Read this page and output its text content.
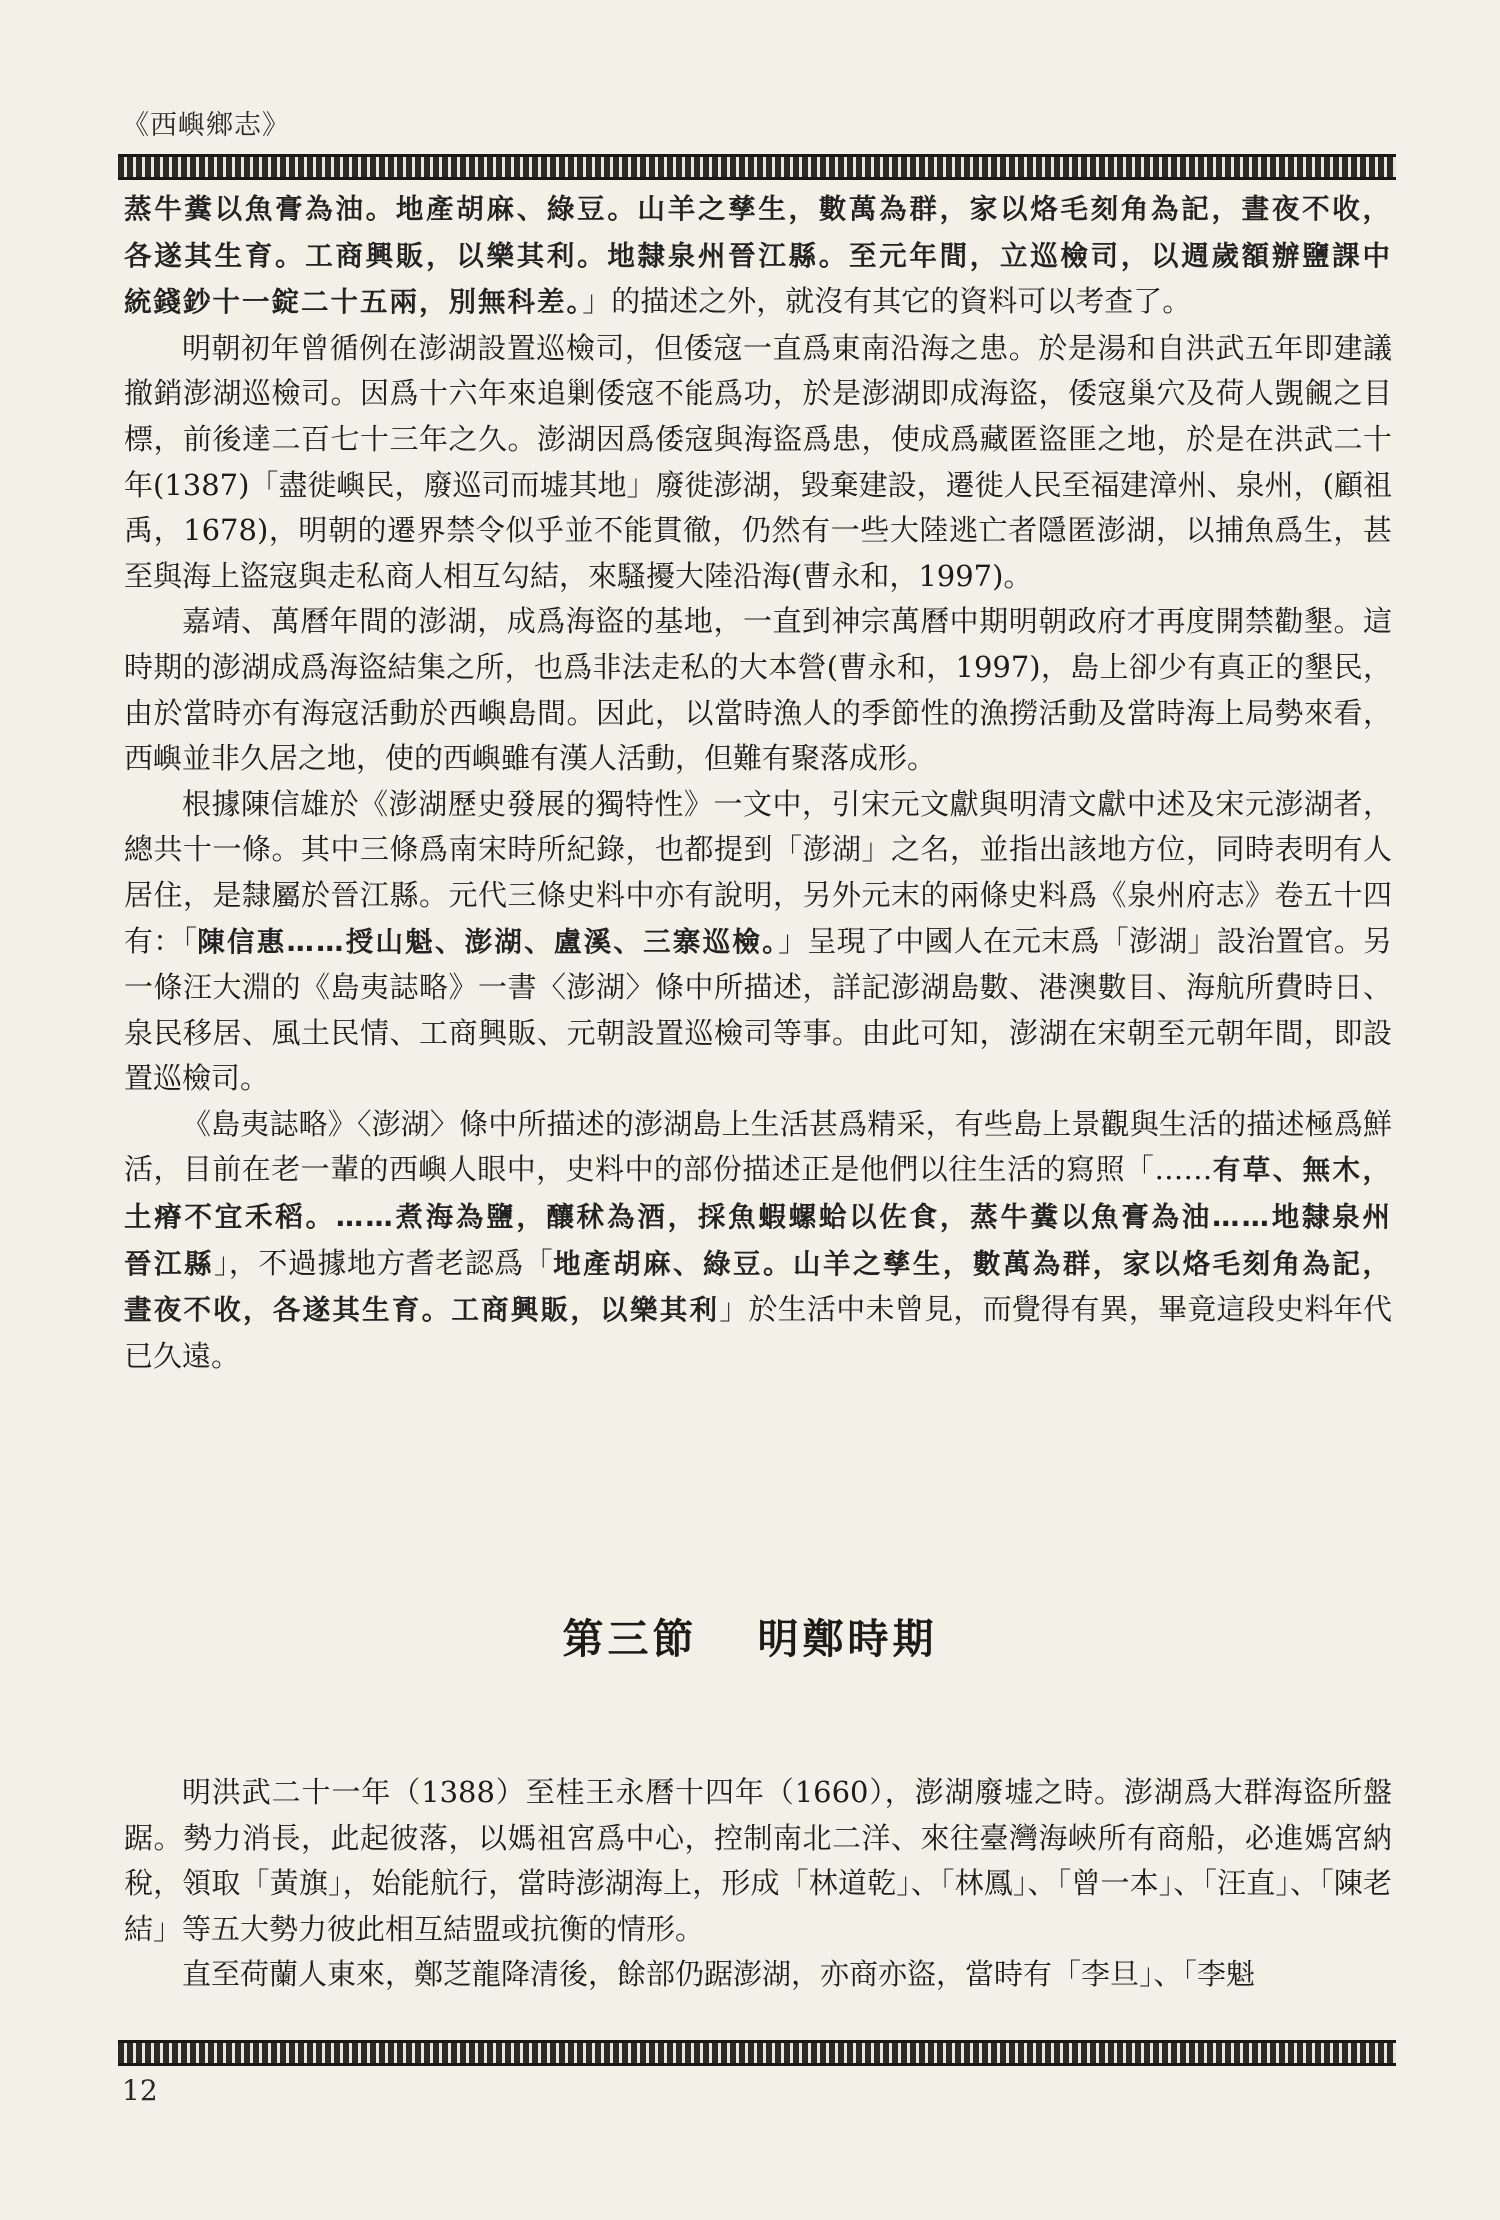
《西嶼鄉志》

蒸牛糞以魚膏為油。地產胡麻、綠豆。山羊之孳生，數萬為群，家以烙毛刻角為記，晝夜不收，各遂其生育。工商興販，以樂其利。地隸泉州晉江縣。至元年間，立巡檢司，以週歲額辦鹽課中統錢鈔十一錠二十五兩，別無科差。」的描述之外，就沒有其它的資料可以考查了。

明朝初年曾循例在澎湖設置巡檢司，但倭寇一直爲東南沿海之患。於是湯和自洪武五年即建議撤銷澎湖巡檢司。因爲十六年來追剿倭寇不能爲功，於是澎湖即成海盜，倭寇巢穴及荷人覬覦之目標，前後達二百七十三年之久。澎湖因爲倭寇與海盜爲患，使成爲藏匿盜匪之地，於是在洪武二十年(1387)「盡徙嶼民，廢巡司而墟其地」廢徙澎湖，毀棄建設，遷徙人民至福建漳州、泉州，(顧祖禹，1678)，明朝的遷界禁令似乎並不能貫徹，仍然有一些大陸逃亡者隱匿澎湖，以捕魚爲生，甚至與海上盜寇與走私商人相互勾結，來騷擾大陸沿海(曹永和，1997)。

嘉靖、萬曆年間的澎湖，成爲海盜的基地，一直到神宗萬曆中期明朝政府才再度開禁勸墾。這時期的澎湖成爲海盜結集之所，也爲非法走私的大本營(曹永和，1997)，島上卻少有真正的墾民，由於當時亦有海寇活動於西嶼島間。因此，以當時漁人的季節性的漁撈活動及當時海上局勢來看，西嶼並非久居之地，使的西嶼雖有漢人活動，但難有聚落成形。

根據陳信雄於《澎湖歷史發展的獨特性》一文中，引宋元文獻與明清文獻中述及宋元澎湖者，總共十一條。其中三條爲南宋時所紀錄，也都提到「澎湖」之名，並指出該地方位，同時表明有人居住，是隸屬於晉江縣。元代三條史料中亦有說明，另外元末的兩條史料爲《泉州府志》卷五十四有：「陳信惠……授山魁、澎湖、盧溪、三寨巡檢。」呈現了中國人在元末爲「澎湖」設治置官。另一條汪大淵的《島夷誌略》一書〈澎湖〉條中所描述，詳記澎湖島數、港澳數目、海航所費時日、泉民移居、風土民情、工商興販、元朝設置巡檢司等事。由此可知，澎湖在宋朝至元朝年間，即設置巡檢司。

《島夷誌略》〈澎湖〉條中所描述的澎湖島上生活甚爲精采，有些島上景觀與生活的描述極爲鮮活，目前在老一輩的西嶼人眼中，史料中的部份描述正是他們以往生活的寫照「……有草、無木，土瘠不宜禾稻。……煮海為鹽，釀秫為酒，採魚蝦螺蛤以佐食，蒸牛糞以魚膏為油……地隸泉州晉江縣」，不過據地方耆老認爲「地產胡麻、綠豆。山羊之孳生，數萬為群，家以烙毛刻角為記，晝夜不收，各遂其生育。工商興販，以樂其利」於生活中未曾見，而覺得有異，畢竟這段史料年代已久遠。

第三節 明鄭時期

明洪武二十一年（1388）至桂王永曆十四年（1660），澎湖廢墟之時。澎湖爲大群海盜所盤踞。勢力消長，此起彼落，以媽祖宮爲中心，控制南北二洋、來往臺灣海峽所有商船，必進媽宮納稅，領取「黃旗」，始能航行，當時澎湖海上，形成「林道乾」、「林鳳」、「曾一本」、「汪直」、「陳老結」等五大勢力彼此相互結盟或抗衡的情形。

直至荷蘭人東來，鄭芝龍降清後，餘部仍踞澎湖，亦商亦盜，當時有「李旦」、「李魁

12
